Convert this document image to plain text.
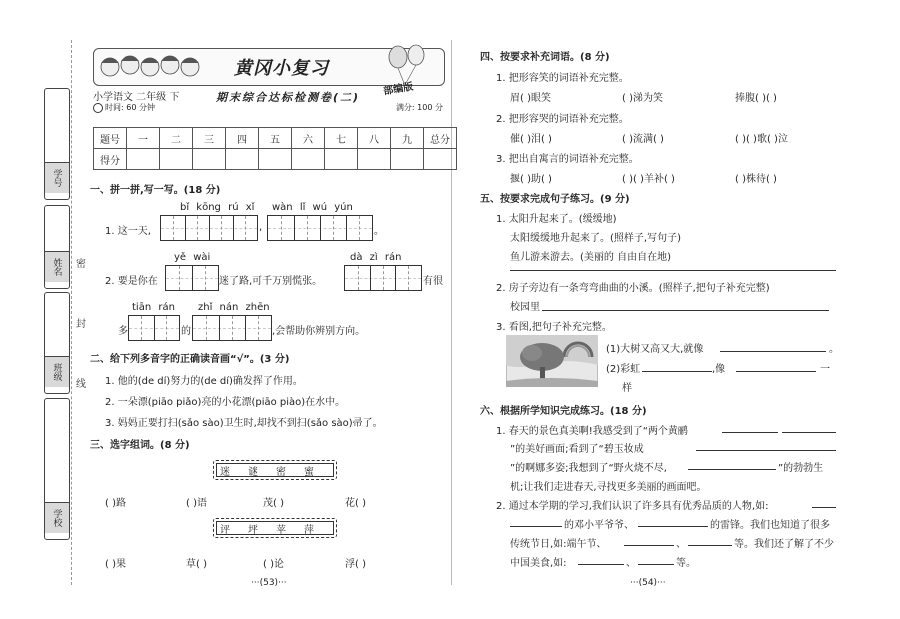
学号
姓名
班级
学校
密
封
线
黄冈小复习
部编版
小学语文 二年级 下	期末综合达标检测卷(二)
时间: 60 分钟	满分: 100 分
题号	一	二	三	四	五	六	七	八	九	总分
得分										
一、拼一拼,写一写。(18 分)
bǐ kōng rú xǐ wàn lǐ wú yún
1. 这一天,	,	。
yě wài	dà zì rán
2. 要是你在	迷了路,可千万别慌张。	有很
tiān rán zhǐ nán zhēn
多	的	,会帮助你辨别方向。
二、给下列多音字的正确读音画“√”。(3 分)
1. 他的(de dí)努力的(de dí)确发挥了作用。
2. 一朵漂(piāo piǎo)亮的小花漂(piāo piào)在水中。
3. 妈妈正要打扫(sǎo sào)卫生时,却找不到扫(sǎo sào)帚了。
三、选字组词。(8 分)
迷 谜 密 蜜
( )路	( )语	茂( )	花( )
评 坪 苹 萍
( )果	草( )	( )论	浮( )
···(53)···
四、按要求补充词语。(8 分)
1. 把形容笑的词语补充完整。
眉( )眼笑	( )涕为笑	捧腹( )( )
2. 把形容哭的词语补充完整。
催( )泪( )	( )流满( )	( )( )歌( )泣
3. 把出自寓言的词语补充完整。
揠( )助( )	( )( )羊补( )	( )株待( )
五、按要求完成句子练习。(9 分)
1. 太阳升起来了。(缓缓地)
太阳缓缓地升起来了。(照样子,写句子)
鱼儿游来游去。(美丽的 自由自在地)
2. 房子旁边有一条弯弯曲曲的小溪。(照样子,把句子补充完整)
校园里
3. 看图,把句子补充完整。
(1)大树又高又大,就像	。
(2)彩虹	,像	一
样
六、根据所学知识完成练习。(18 分)
1. 春天的景色真美啊!我感受到了“两个黄鹂
”的美好画面;看到了“碧玉妆成
”的啊娜多姿;我想到了“野火烧不尽,	”的勃勃生
机;让我们走进春天,寻找更多美丽的画面吧。
2. 通过本学期的学习,我们认识了许多具有优秀品质的人物,如:
的邓小平爷爷、	的雷锋。我们也知道了很多
传统节日,如:端午节、	、	等。我们还了解了不少
中国美食,如:	、	等。
···(54)···
